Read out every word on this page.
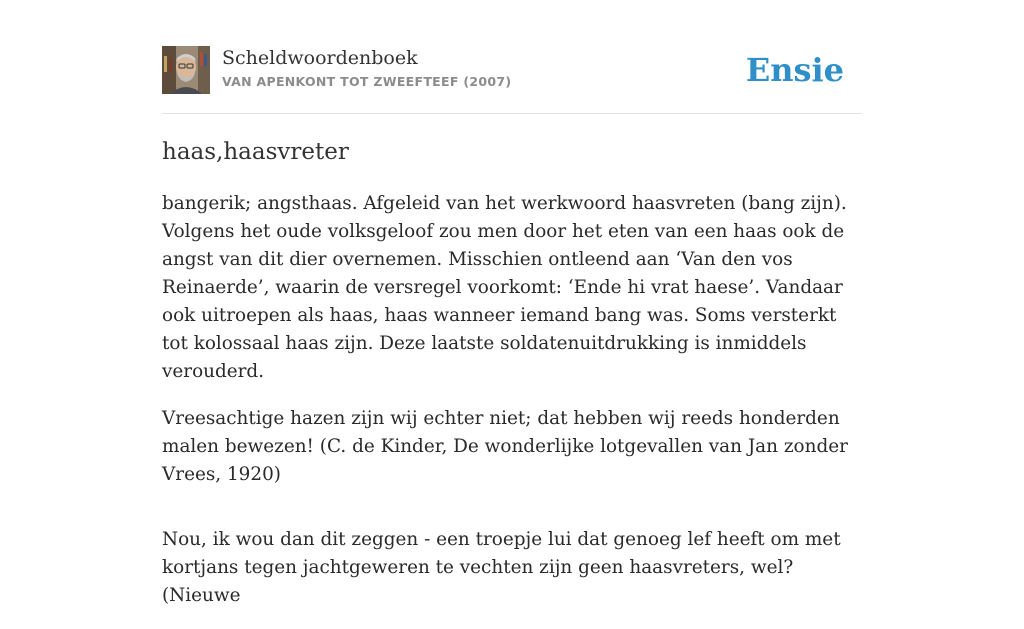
Scheldwoordenboek
VAN APENKONT TOT ZWEEFTEEF (2007)	Ensie
haas,haasvreter

bangerik; angsthaas. Afgeleid van het werkwoord haasvreten (bang zijn). Volgens het oude volksgeloof zou men door het eten van een haas ook de angst van dit dier overnemen. Misschien ontleend aan ‘Van den vos Reinaerde’, waarin de versregel voorkomt: ‘Ende hi vrat haese’. Vandaar ook uitroepen als haas, haas wanneer iemand bang was. Soms versterkt tot kolossaal haas zijn. Deze laatste soldatenuitdrukking is inmiddels verouderd.

Vreesachtige hazen zijn wij echter niet; dat hebben wij reeds honderden malen bewezen! (C. de Kinder, De wonderlijke lotgevallen van Jan zonder Vrees, 1920)

Nou, ik wou dan dit zeggen - een troepje lui dat genoeg lef heeft om met kortjans tegen jachtgeweren te vechten zijn geen haasvreters, wel? (Nieuwe
